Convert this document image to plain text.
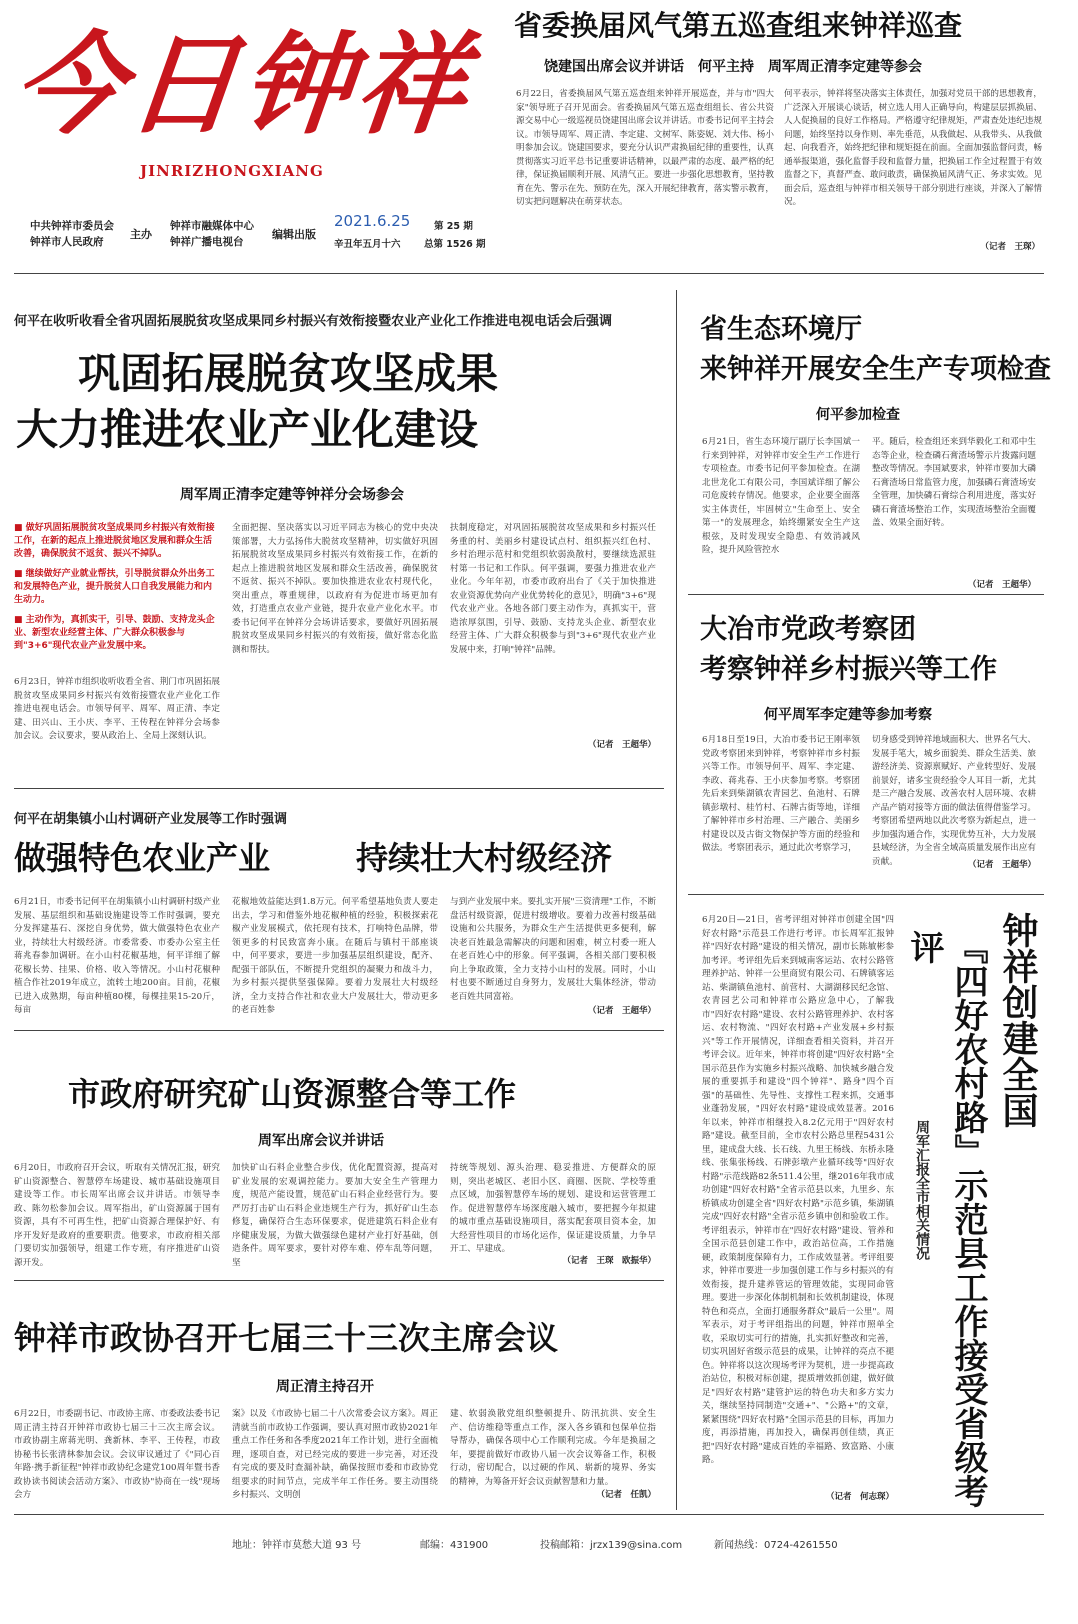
今日钟祥
JINRIZHONGXIANG
中共钟祥市委员会
钟祥市人民政府
主办
钟祥市融媒体中心
钟祥广播电视台
编辑出版
2021.6.25
辛丑年五月十六
第 25 期
总第 1526 期
省委换届风气第五巡查组来钟祥巡查
饶建国出席会议并讲话　何平主持　周军周正清李定建等参会
6月22日，省委换届风气第五巡查组来钟祥开展巡查，并与市"四大家"领导班子召开见面会。省委换届风气第五巡查组组长、省公共资源交易中心一级巡视员饶建国出席会议并讲话。市委书记何平主持会议。市领导周军、周正清、李定建、文树军、陈姿妮、刘大伟、杨小明参加会议。饶建国要求，要充分认识严肃换届纪律的重要性，认真贯彻落实习近平总书记重要讲话精神，以最严肃的态度、最严格的纪律，保证换届顺利开展、风清气正。要进一步强化思想教育，坚持教育在先、警示在先、预防在先，深入开展纪律教育，落实警示教育，切实把问题解决在萌芽状态。
何平表示，钟祥将坚决落实主体责任，加强对党员干部的思想教育，广泛深入开展谈心谈话，树立选人用人正确导向，构建层层抓换届、人人促换届的良好工作格局。严格遵守纪律规矩，严肃查处违纪违规问题，始终坚持以身作则、率先垂范，从我做起、从我带头、从我做起、向我看齐，始终把纪律和规矩挺在前面。全面加强监督问责，畅通举报渠道，强化监督手段和监督力量，把换届工作全过程置于有效监督之下，真督严查、敢问敢责，确保换届风清气正、务求实效。见面会后，巡查组与钟祥市相关领导干部分别进行座谈，并深入了解情况。
（记者　王琛）
何平在收听收看全省巩固拓展脱贫攻坚成果同乡村振兴有效衔接暨农业产业化工作推进电视电话会后强调
巩固拓展脱贫攻坚成果
大力推进农业产业化建设
周军周正清李定建等钟祥分会场参会

■ 做好巩固拓展脱贫攻坚成果同乡村振兴有效衔接工作，在新的起点上推进脱贫地区发展和群众生活改善，确保脱贫不返贫、振兴不掉队。

■ 继续做好产业就业帮扶，引导脱贫群众外出务工和发展特色产业，提升脱贫人口自我发展能力和内生动力。

■ 主动作为，真抓实干，引导、鼓励、支持龙头企业、新型农业经营主体、广大群众积极参与到"3+6"现代农业产业发展中来。

6月23日，钟祥市组织收听收看全省、荆门市巩固拓展脱贫攻坚成果同乡村振兴有效衔接暨农业产业化工作推进电视电话会。市领导何平、周军、周正清、李定建、田兴山、王小庆、李平、王传程在钟祥分会场参加会议。会议要求，要从政治上、全局上深刻认识。
全面把握、坚决落实以习近平同志为核心的党中央决策部署，大力弘扬伟大脱贫攻坚精神，切实做好巩固拓展脱贫攻坚成果同乡村振兴有效衔接工作，在新的起点上推进脱贫地区发展和群众生活改善，确保脱贫不返贫、振兴不掉队。要加快推进农业农村现代化，突出重点，尊重规律，以政府有为促进市场更加有效，打造重点农业产业链，提升农业产业化水平。市委书记何平在钟祥分会场讲话要求，要做好巩固拓展脱贫攻坚成果同乡村振兴的有效衔接，做好常态化监测和帮扶。
扶制度稳定，对巩固拓展脱贫攻坚成果和乡村振兴任务重的村、美丽乡村建设试点村、组织振兴红色村、乡村治理示范村和党组织软弱涣散村，要继续选派驻村第一书记和工作队。何平强调，要强力推进农业产业化。今年年初，市委市政府出台了《关于加快推进农业资源优势向产业优势转化的意见》，明确"3+6"现代农业产业。各地各部门要主动作为，真抓实干，营造浓厚氛围，引导、鼓励、支持龙头企业、新型农业经营主体、广大群众积极参与到"3+6"现代农业产业发展中来，打响"钟祥"品牌。
（记者　王超华）
何平在胡集镇小山村调研产业发展等工作时强调
做强特色农业产业	持续壮大村级经济
6月21日，市委书记何平在胡集镇小山村调研村级产业发展、基层组织和基础设施建设等工作时强调，要充分发挥建基石、深挖自身优势，做大做强特色农业产业，持续壮大村级经济。市委常委、市委办公室主任蒋兆春参加调研。在小山村花椒基地，何平详细了解花椒长势、挂果、价格、收入等情况。小山村花椒种植合作社2019年成立，流转土地200亩。目前，花椒已进入成熟期，每亩种植80棵，每棵挂果15-20斤，每亩
花椒地效益能达到1.8万元。何平希望基地负责人要走出去，学习和借鉴外地花椒种植的经验，积极探索花椒产业发展模式，依托现有技术，打响特色品牌，带领更多的村民致富奔小康。在随后与镇村干部座谈中，何平要求，要进一步加强基层组织建设，配齐、配强干部队伍，不断提升党组织的凝聚力和战斗力，为乡村振兴提供坚强保障。要着力发展壮大村级经济，全力支持合作社和农业大户发展壮大，带动更多的老百姓参
与到产业发展中来。要扎实开展"三资清理"工作，不断盘活村级资源，促进村级增收。要着力改善村级基础设施和公共服务，为群众生产生活提供更多便利，解决老百姓最急需解决的问题和困难，树立村委一班人在老百姓心中的形象。何平强调，各相关部门要积极向上争取政策，全力支持小山村的发展。同时，小山村也要不断通过自身努力，发展壮大集体经济，带动老百姓共同富裕。
（记者　王超华）
市政府研究矿山资源整合等工作
周军出席会议并讲话
6月20日，市政府召开会议，听取有关情况汇报，研究矿山资源整合、智慧停车场建设、城市基础设施项目建设等工作。市长周军出席会议并讲话。市领导李政、陈勿松参加会议。周军指出，矿山资源属于国有资源，具有不可再生性，把矿山资源合理保护好、有序开发好是政府的重要职责。他要求，市政府相关部门要切实加强领导，组建工作专班，有序推进矿山资源开发。
加快矿山石料企业整合步伐，优化配置资源，提高对矿业发展的宏观调控能力。要加大安全生产管理力度，规范产能设置，规范矿山石料企业经营行为。要严厉打击矿山石料企业违规生产行为，抓好矿山生态修复，确保符合生态环保要求，促进建筑石料企业有序健康发展，为做大做强绿色建材产业打好基础，创造条件。周军要求，要针对停车难、停车乱等问题，坚
持统等规划、源头治理、稳妥推进、方便群众的原则，突出老城区、老旧小区、商圈、医院、学校等重点区域，加强智慧停车场的规划、建设和运营管理工作。促进智慧停车场深度融入城市，要把握今年拟建的城市重点基础设施项目，落实配套项目资本金，加大经营性项目的市场化运作，保证建设质量，力争早开工、早建成。
（记者　王琛　欧振华）
钟祥市政协召开七届三十三次主席会议
周正清主持召开
6月22日，市委副书记、市政协主席、市委政法委书记周正清主持召开钟祥市政协七届三十三次主席会议。市政协副主席蒋光明、龚新林、李平、王传程，市政协秘书长张清林参加会议。会议审议通过了《"同心百年路·携手新征程"钟祥市政协纪念建党100周年暨书香政协读书阅读会活动方案》、市政协"协商在一线"现场会方
案》以及《市政协七届二十八次常委会议方案》。周正清就当前市政协工作强调，要认真对照市政协2021年重点工作任务和各季度2021年工作计划，进行全面梳理，逐项自查，对已经完成的要进一步完善，对还没有完成的要及时查漏补缺，确保按照市委和市政协党组要求的时间节点，完成半年工作任务。要主动围绕乡村振兴、文明创
建、软弱涣散党组织整顿提升、防汛抗洪、安全生产、信访维稳等重点工作，深入各乡镇和包保单位指导帮办，确保各项中心工作顺利完成。今年是换届之年，要提前做好市政协八届一次会议筹备工作，积极行动，密切配合，以过硬的作风、崭新的境界、务实的精神，为筹备开好会议贡献智慧和力量。
（记者　任凯）
省生态环境厅
来钟祥开展安全生产专项检查
何平参加检查
6月21日，省生态环境厅副厅长李国斌一行来到钟祥，对钟祥市安全生产工作进行专项检查。市委书记何平参加检查。在湖北世龙化工有限公司，李国斌详细了解公司危废转存情况。他要求，企业要全面落实主体责任，牢固树立"生命至上、安全第一"的发展理念，始终绷紧安全生产这根弦，及时发现安全隐患、有效消减风险，提升风险管控水
平。随后，检查组还来到华毅化工和邓中生态等企业，检查磷石膏渣场警示片拨露问题整改等情况。李国斌要求，钟祥市要加大磷石膏渣场日常监管力度，加强磷石膏渣场安全管理，加快磷石膏综合利用进度，落实好磷石膏渣场整治工作，实现渣场整治全面覆盖、效果全面好转。
（记者　王超华）
大冶市党政考察团
考察钟祥乡村振兴等工作
何平周军李定建等参加考察
6月18日至19日，大冶市委书记王刚率领党政考察团来到钟祥，考察钟祥市乡村振兴等工作。市领导何平、周军、李定建、李政、蒋兆春、王小庆参加考察。考察团先后来到柴湖镇农青园艺、鱼池村、石牌镇彭墩村、桂竹村、石牌古街等地，详细了解钟祥市乡村治理、三产融合、美丽乡村建设以及古街文物保护等方面的经验和做法。考察团表示，通过此次考察学习，
切身感受到钟祥地域面积大、世界名气大、发展手笔大，城乡面貌美、群众生活美、旅游经济美、资源禀赋好、产业转型好、发展前景好，诸多宝贵经验令人耳目一新，尤其是三产融合发展、改善农村人居环境、农耕产品产销对接等方面的做法值得借鉴学习。考察团希望两地以此次考察为新起点，进一步加强沟通合作，实现优势互补，大力发展县域经济，为全省全域高质量发展作出应有贡献。	（记者　王超华）
6月20日—21日，省考评组对钟祥市创建全国"四好农村路"示范县工作进行考评。市长周军汇报钟祥"四好农村路"建设的相关情况，副市长陈敏彬参加考评。考评组先后来到城南客运站、农村公路管理养护站、钟祥一公里商贸有限公司、石牌镇客运站、柴湖镇鱼池村、前营村、大湖湖移民纪念馆、农青园艺公司和钟祥市公路应急中心，了解我市"四好农村路"建设、农村公路管理养护、农村客运、农村物流、"四好农村路+产业发展+乡村振兴"等工作开展情况，详细查看相关资料，并召开考评会议。近年来，钟祥市将创建"四好农村路"全国示范县作为实施乡村振兴战略、加快城乡融合发展的重要抓手和建设"四个钟祥"、路身"四个百强"的基础性、先导性、支撑性工程来抓，交通事业蓬勃发展，"四好农村路"建设成效显著。2016年以来，钟祥市相继投入8.2亿元用于"四好农村路"建设。截至目前，全市农村公路总里程5431公里，建成盘大线、长石线、九里王杨线、东桥永隆线、张集张杨线、石牌彭墩产业循环线等"四好农村路"示范线路82条511.4公里，继2016年我市成功创建"四好农村路"全省示范县以来，九里乡、东桥镇成功创建全省"四好农村路"示范乡镇，柴湖镇完成"四好农村路"全省示范乡镇申创和验收工作。考评组表示，钟祥市在"四好农村路"建设、管养和全国示范县创建工作中，政治站位高，工作措施硬，政策制度保障有力，工作成效显著。考评组要求，钟祥市要进一步加强创建工作与乡村振兴的有效衔接，提升建养管运的管理效能，实现同命管理。要进一步深化体制机制和长效机制建设，体现特色和亮点，全面打通服务群众"最后一公里"。周军表示，对于考评组指出的问题，钟祥市照单全收，采取切实可行的措施，扎实抓好整改和完善，切实巩固好省级示范县的成果，让钟祥的亮点不褪色。钟祥将以这次现场考评为契机，进一步提高政治站位，积极对标创建，提质增效抓创建，做好做足"四好农村路"建管护运的特色功夫和多方实力关，继续坚持同制造"交通+"、"公路+"的文章，紧紧围绕"四好农村路"全国示范县的目标，再加力度，再添措施，再加投入，确保再创佳绩，真正把"四好农村路"建成百姓的幸福路、致富路、小康路。
（记者　何志琛）
周军汇报全市相关情况
钟祥创建全国
『四好农村路』示范县工作接受省级考评
地址：钟祥市莫愁大道 93 号	邮编：431900	投稿邮箱：jrzx139@sina.com	新闻热线：0724-4261550
